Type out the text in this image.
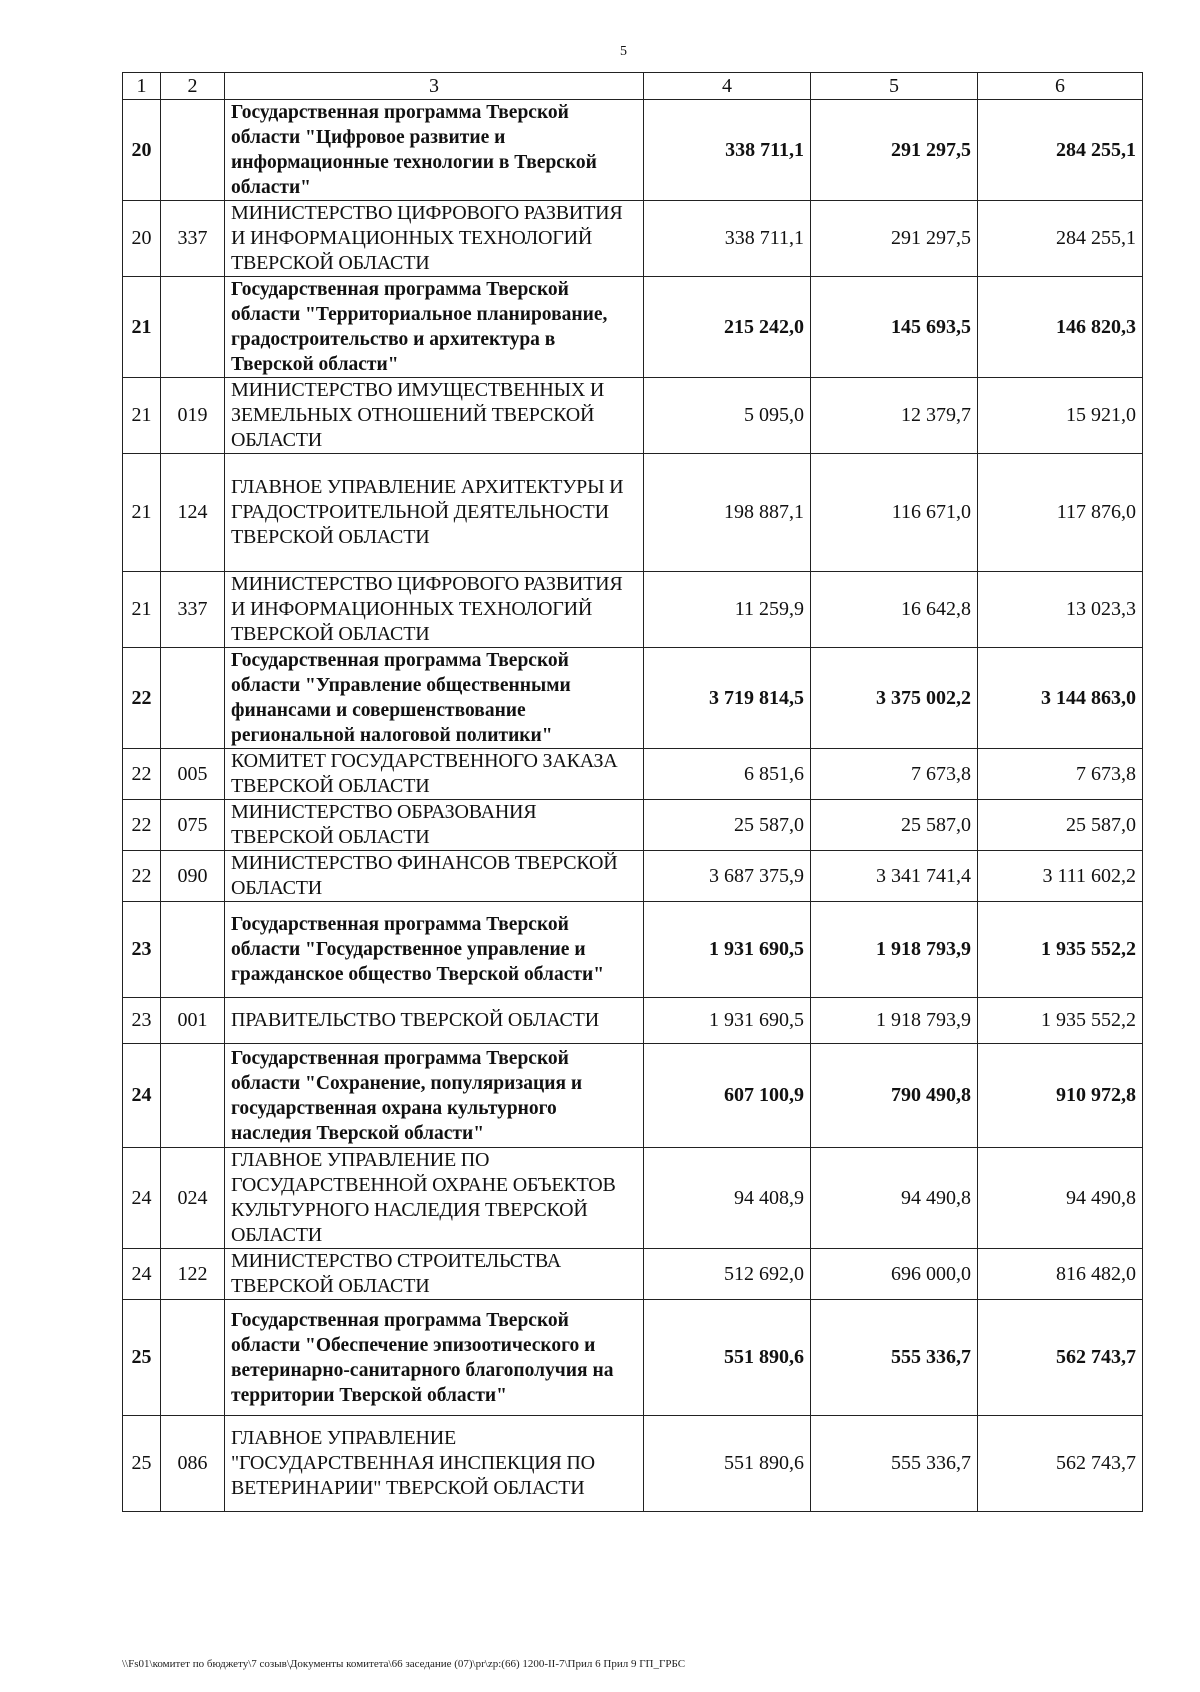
5
1	2	3	4	5	6
20		Государственная программа Тверской области "Цифровое развитие и информационные технологии в Тверской области"	338 711,1	291 297,5	284 255,1
20	337	МИНИСТЕРСТВО ЦИФРОВОГО РАЗВИТИЯ И ИНФОРМАЦИОННЫХ ТЕХНОЛОГИЙ ТВЕРСКОЙ ОБЛАСТИ	338 711,1	291 297,5	284 255,1
21		Государственная программа Тверской области "Территориальное планирование, градостроительство и архитектура в Тверской области"	215 242,0	145 693,5	146 820,3
21	019	МИНИСТЕРСТВО ИМУЩЕСТВЕННЫХ И ЗЕМЕЛЬНЫХ ОТНОШЕНИЙ ТВЕРСКОЙ ОБЛАСТИ	5 095,0	12 379,7	15 921,0
21	124	ГЛАВНОЕ УПРАВЛЕНИЕ АРХИТЕКТУРЫ И ГРАДОСТРОИТЕЛЬНОЙ ДЕЯТЕЛЬНОСТИ ТВЕРСКОЙ ОБЛАСТИ	198 887,1	116 671,0	117 876,0
21	337	МИНИСТЕРСТВО ЦИФРОВОГО РАЗВИТИЯ И ИНФОРМАЦИОННЫХ ТЕХНОЛОГИЙ ТВЕРСКОЙ ОБЛАСТИ	11 259,9	16 642,8	13 023,3
22		Государственная программа Тверской области "Управление общественными финансами и совершенствование региональной налоговой политики"	3 719 814,5	3 375 002,2	3 144 863,0
22	005	КОМИТЕТ ГОСУДАРСТВЕННОГО ЗАКАЗА ТВЕРСКОЙ ОБЛАСТИ	6 851,6	7 673,8	7 673,8
22	075	МИНИСТЕРСТВО ОБРАЗОВАНИЯ ТВЕРСКОЙ ОБЛАСТИ	25 587,0	25 587,0	25 587,0
22	090	МИНИСТЕРСТВО ФИНАНСОВ ТВЕРСКОЙ ОБЛАСТИ	3 687 375,9	3 341 741,4	3 111 602,2
23		Государственная программа Тверской области "Государственное управление и гражданское общество Тверской области"	1 931 690,5	1 918 793,9	1 935 552,2
23	001	ПРАВИТЕЛЬСТВО ТВЕРСКОЙ ОБЛАСТИ	1 931 690,5	1 918 793,9	1 935 552,2
24		Государственная программа Тверской области "Сохранение, популяризация и государственная охрана культурного наследия Тверской области"	607 100,9	790 490,8	910 972,8
24	024	ГЛАВНОЕ УПРАВЛЕНИЕ ПО ГОСУДАРСТВЕННОЙ ОХРАНЕ ОБЪЕКТОВ КУЛЬТУРНОГО НАСЛЕДИЯ ТВЕРСКОЙ ОБЛАСТИ	94 408,9	94 490,8	94 490,8
24	122	МИНИСТЕРСТВО СТРОИТЕЛЬСТВА ТВЕРСКОЙ ОБЛАСТИ	512 692,0	696 000,0	816 482,0
25		Государственная программа Тверской области "Обеспечение эпизоотического и ветеринарно-санитарного благополучия на территории Тверской области"	551 890,6	555 336,7	562 743,7
25	086	ГЛАВНОЕ УПРАВЛЕНИЕ "ГОСУДАРСТВЕННАЯ ИНСПЕКЦИЯ ПО ВЕТЕРИНАРИИ" ТВЕРСКОЙ ОБЛАСТИ	551 890,6	555 336,7	562 743,7
\\Fs01\комитет по бюджету\7 созыв\Документы комитета\66 заседание (07)\pr\zp:(66) 1200-II-7\Прил 6 Прил 9 ГП_ГРБС
